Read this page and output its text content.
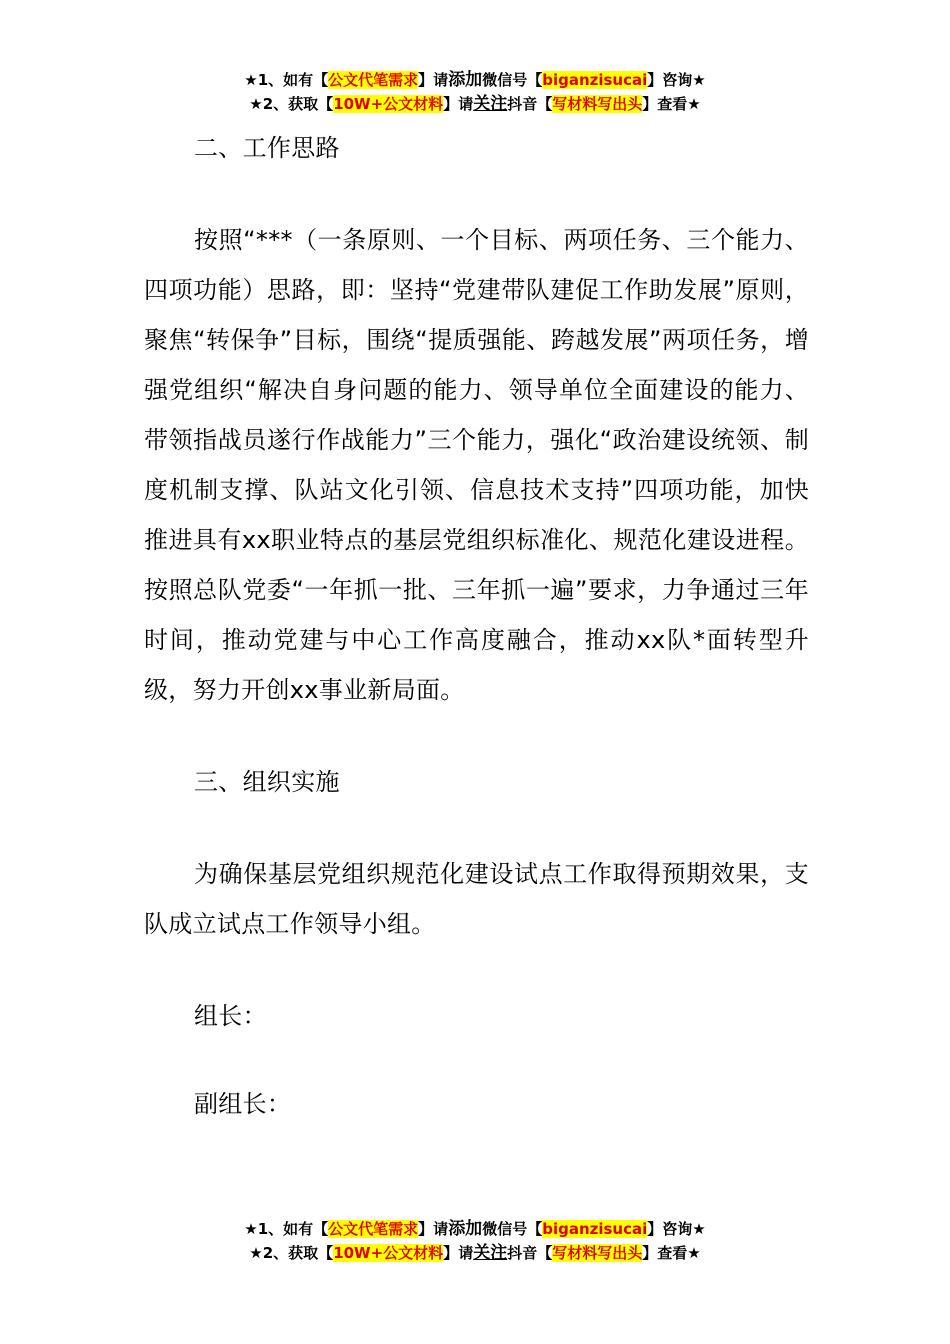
★1、如有【公文代笔需求】请添加微信号【biganzisucai】咨询★
★2、获取【10W+公文材料】请关注抖音【写材料写出头】查看★

二、工作思路

按照“***（一条原则、一个目标、两项任务、三个能力、四项功能）思路，即：坚持“党建带队建促工作助发展”原则，聚焦“转保争”目标，围绕“提质强能、跨越发展”两项任务，增强党组织“解决自身问题的能力、领导单位全面建设的能力、带领指战员遂行作战能力”三个能力，强化“政治建设统领、制度机制支撑、队站文化引领、信息技术支持”四项功能，加快推进具有xx职业特点的基层党组织标准化、规范化建设进程。按照总队党委“一年抓一批、三年抓一遍”要求，力争通过三年时间，推动党建与中心工作高度融合，推动xx队*面转型升级，努力开创xx事业新局面。

三、组织实施

为确保基层党组织规范化建设试点工作取得预期效果，支队成立试点工作领导小组。

组长：

副组长：

★1、如有【公文代笔需求】请添加微信号【biganzisucai】咨询★
★2、获取【10W+公文材料】请关注抖音【写材料写出头】查看★
